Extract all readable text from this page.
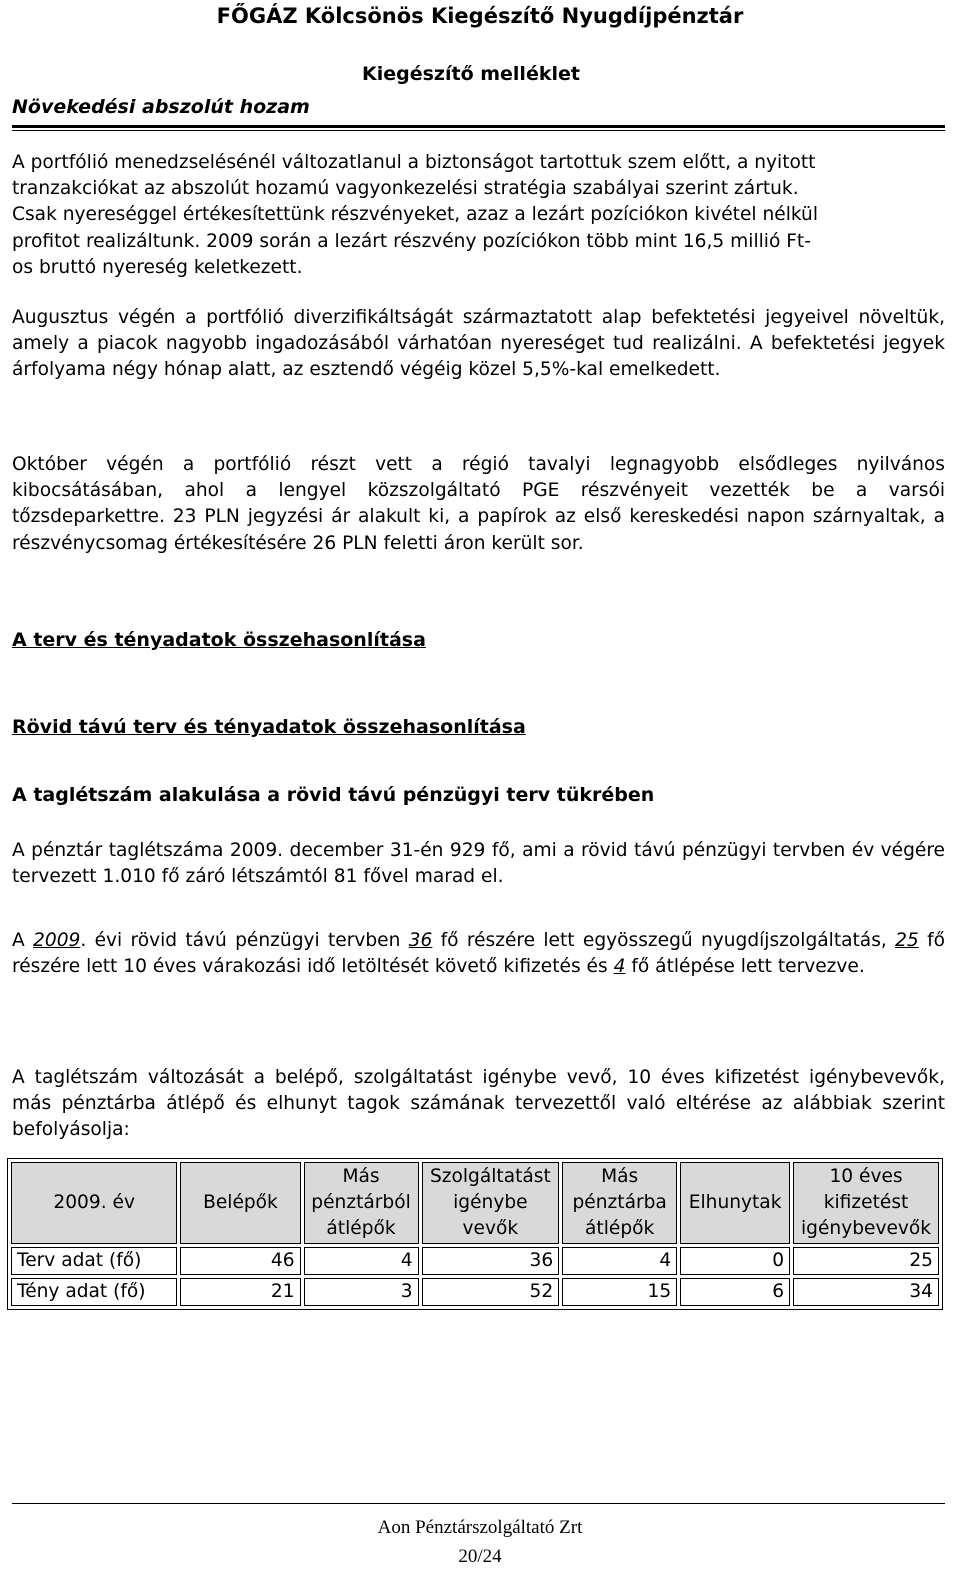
FŐGÁZ Kölcsönös Kiegészítő Nyugdíjpénztár
Kiegészítő melléklet
Növekedési abszolút hozam
A portfólió menedzselésénél változatlanul a biztonságot tartottuk szem előtt, a nyitott
tranzakciókat az abszolút hozamú vagyonkezelési stratégia szabályai szerint zártuk.
Csak nyereséggel értékesítettünk részvényeket, azaz a lezárt pozíciókon kivétel nélkül
profitot realizáltunk. 2009 során a lezárt részvény pozíciókon több mint 16,5 millió Ft-
os bruttó nyereség keletkezett.

Augusztus végén a portfólió diverzifikáltságát származtatott alap befektetési jegyeivel növeltük, amely a piacok nagyobb ingadozásából várhatóan nyereséget tud realizálni. A befektetési jegyek árfolyama négy hónap alatt, az esztendő végéig közel 5,5%-kal emelkedett.

Október végén a portfólió részt vett a régió tavalyi legnagyobb elsődleges nyilvános kibocsátásában, ahol a lengyel közszolgáltató PGE részvényeit vezették be a varsói tőzsdeparkettre. 23 PLN jegyzési ár alakult ki, a papírok az első kereskedési napon szárnyaltak, a részvénycsomag értékesítésére 26 PLN feletti áron került sor.

A terv és tényadatok összehasonlítása
Rövid távú terv és tényadatok összehasonlítása
A taglétszám alakulása a rövid távú pénzügyi terv tükrében

A pénztár taglétszáma 2009. december 31-én 929 fő, ami a rövid távú pénzügyi tervben év végére tervezett 1.010 fő záró létszámtól 81 fővel marad el.

A 2009. évi rövid távú pénzügyi tervben 36 fő részére lett egyösszegű nyugdíjszolgáltatás, 25 fő részére lett 10 éves várakozási idő letöltését követő kifizetés és 4 fő átlépése lett tervezve.

A taglétszám változását a belépő, szolgáltatást igénybe vevő, 10 éves kifizetést igénybevevők, más pénztárba átlépő és elhunyt tagok számának tervezettől való eltérése az alábbiak szerint befolyásolja:

2009. év	Belépők	Más pénztárból átlépők	Szolgáltatást igénybe vevők	Más pénztárba átlépők	Elhunytak	10 éves kifizetést igénybevevők
Terv adat (fő)	46	4	36	4	0	25
Tény adat (fő)	21	3	52	15	6	34
Aon Pénztárszolgáltató Zrt
20/24
